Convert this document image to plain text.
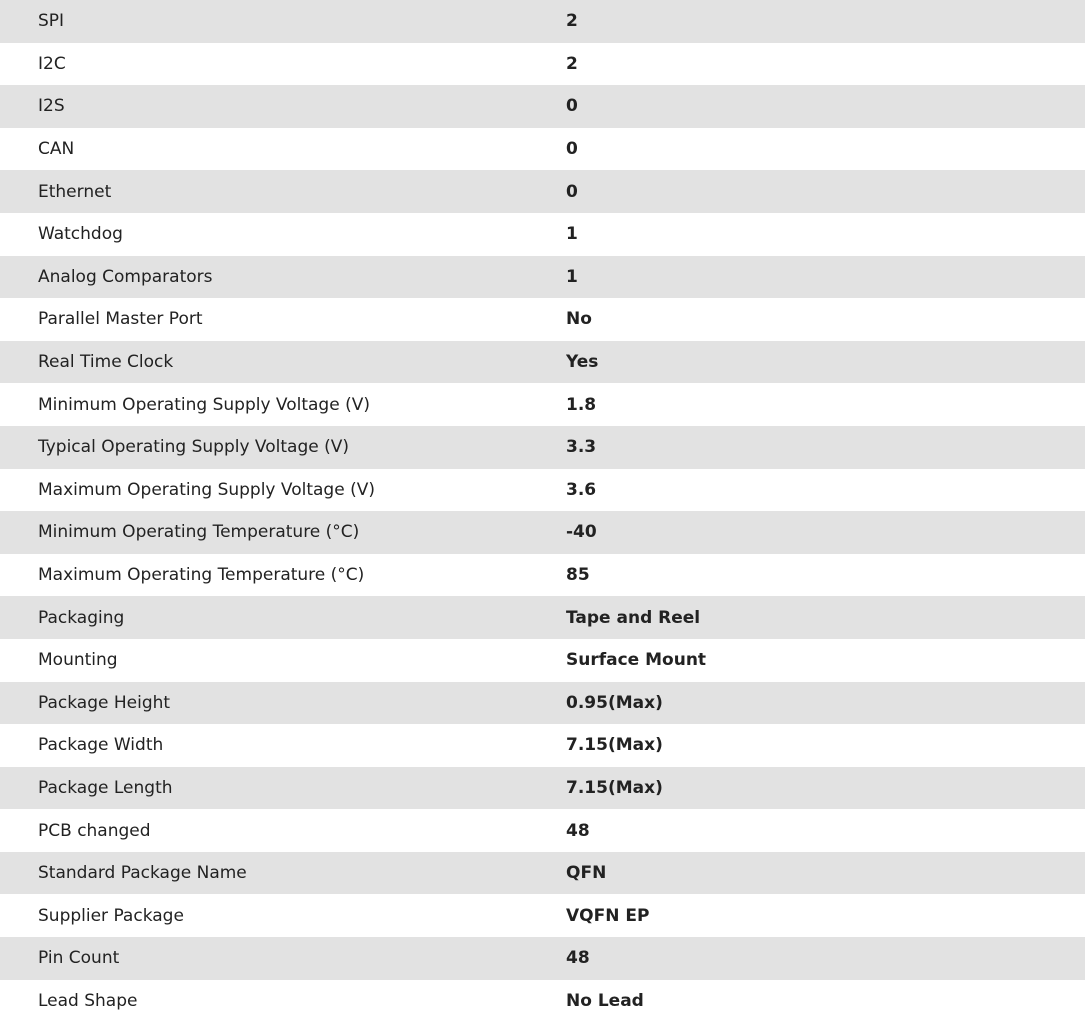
SPI	2
I2C	2
I2S	0
CAN	0
Ethernet	0
Watchdog	1
Analog Comparators	1
Parallel Master Port	No
Real Time Clock	Yes
Minimum Operating Supply Voltage (V)	1.8
Typical Operating Supply Voltage (V)	3.3
Maximum Operating Supply Voltage (V)	3.6
Minimum Operating Temperature (°C)	-40
Maximum Operating Temperature (°C)	85
Packaging	Tape and Reel
Mounting	Surface Mount
Package Height	0.95(Max)
Package Width	7.15(Max)
Package Length	7.15(Max)
PCB changed	48
Standard Package Name	QFN
Supplier Package	VQFN EP
Pin Count	48
Lead Shape	No Lead
